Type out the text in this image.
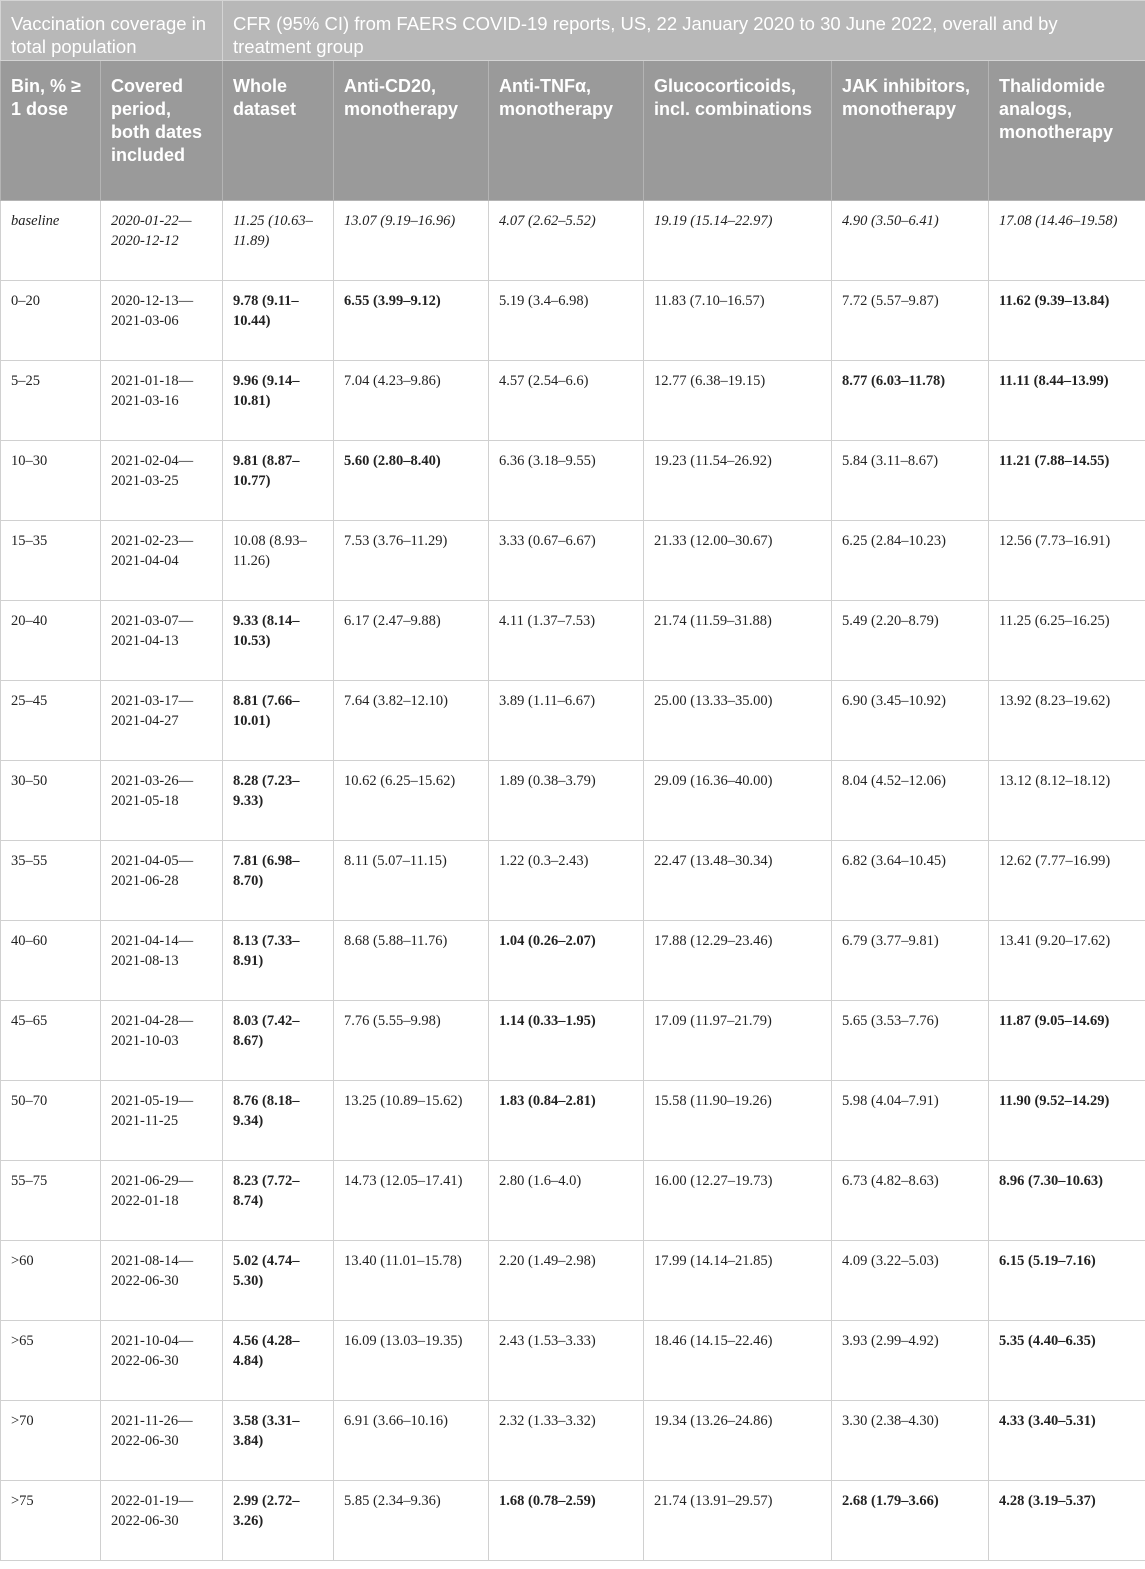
Vaccination coverage in total population		CFR (95% CI) from FAERS COVID-19 reports, US, 22 January 2020 to 30 June 2022, overall and by treatment group					
Bin, % ≥ 1 dose	Covered period, both dates included	Whole dataset	Anti-CD20, monotherapy	Anti-TNFα, monotherapy	Glucocorticoids, incl. combinations	JAK inhibitors, monotherapy	Thalidomide analogs, monotherapy
baseline	2020-01-22—2020-12-12	11.25 (10.63–11.89)	13.07 (9.19–16.96)	4.07 (2.62–5.52)	19.19 (15.14–22.97)	4.90 (3.50–6.41)	17.08 (14.46–19.58)
0–20	2020-12-13—2021-03-06	9.78 (9.11–10.44)	6.55 (3.99–9.12)	5.19 (3.4–6.98)	11.83 (7.10–16.57)	7.72 (5.57–9.87)	11.62 (9.39–13.84)
5–25	2021-01-18—2021-03-16	9.96 (9.14–10.81)	7.04 (4.23–9.86)	4.57 (2.54–6.6)	12.77 (6.38–19.15)	8.77 (6.03–11.78)	11.11 (8.44–13.99)
10–30	2021-02-04—2021-03-25	9.81 (8.87–10.77)	5.60 (2.80–8.40)	6.36 (3.18–9.55)	19.23 (11.54–26.92)	5.84 (3.11–8.67)	11.21 (7.88–14.55)
15–35	2021-02-23—2021-04-04	10.08 (8.93–11.26)	7.53 (3.76–11.29)	3.33 (0.67–6.67)	21.33 (12.00–30.67)	6.25 (2.84–10.23)	12.56 (7.73–16.91)
20–40	2021-03-07—2021-04-13	9.33 (8.14–10.53)	6.17 (2.47–9.88)	4.11 (1.37–7.53)	21.74 (11.59–31.88)	5.49 (2.20–8.79)	11.25 (6.25–16.25)
25–45	2021-03-17—2021-04-27	8.81 (7.66–10.01)	7.64 (3.82–12.10)	3.89 (1.11–6.67)	25.00 (13.33–35.00)	6.90 (3.45–10.92)	13.92 (8.23–19.62)
30–50	2021-03-26—2021-05-18	8.28 (7.23–9.33)	10.62 (6.25–15.62)	1.89 (0.38–3.79)	29.09 (16.36–40.00)	8.04 (4.52–12.06)	13.12 (8.12–18.12)
35–55	2021-04-05—2021-06-28	7.81 (6.98–8.70)	8.11 (5.07–11.15)	1.22 (0.3–2.43)	22.47 (13.48–30.34)	6.82 (3.64–10.45)	12.62 (7.77–16.99)
40–60	2021-04-14—2021-08-13	8.13 (7.33–8.91)	8.68 (5.88–11.76)	1.04 (0.26–2.07)	17.88 (12.29–23.46)	6.79 (3.77–9.81)	13.41 (9.20–17.62)
45–65	2021-04-28—2021-10-03	8.03 (7.42–8.67)	7.76 (5.55–9.98)	1.14 (0.33–1.95)	17.09 (11.97–21.79)	5.65 (3.53–7.76)	11.87 (9.05–14.69)
50–70	2021-05-19—2021-11-25	8.76 (8.18–9.34)	13.25 (10.89–15.62)	1.83 (0.84–2.81)	15.58 (11.90–19.26)	5.98 (4.04–7.91)	11.90 (9.52–14.29)
55–75	2021-06-29—2022-01-18	8.23 (7.72–8.74)	14.73 (12.05–17.41)	2.80 (1.6–4.0)	16.00 (12.27–19.73)	6.73 (4.82–8.63)	8.96 (7.30–10.63)
>60	2021-08-14—2022-06-30	5.02 (4.74–5.30)	13.40 (11.01–15.78)	2.20 (1.49–2.98)	17.99 (14.14–21.85)	4.09 (3.22–5.03)	6.15 (5.19–7.16)
>65	2021-10-04—2022-06-30	4.56 (4.28–4.84)	16.09 (13.03–19.35)	2.43 (1.53–3.33)	18.46 (14.15–22.46)	3.93 (2.99–4.92)	5.35 (4.40–6.35)
>70	2021-11-26—2022-06-30	3.58 (3.31–3.84)	6.91 (3.66–10.16)	2.32 (1.33–3.32)	19.34 (13.26–24.86)	3.30 (2.38–4.30)	4.33 (3.40–5.31)
>75	2022-01-19—2022-06-30	2.99 (2.72–3.26)	5.85 (2.34–9.36)	1.68 (0.78–2.59)	21.74 (13.91–29.57)	2.68 (1.79–3.66)	4.28 (3.19–5.37)
